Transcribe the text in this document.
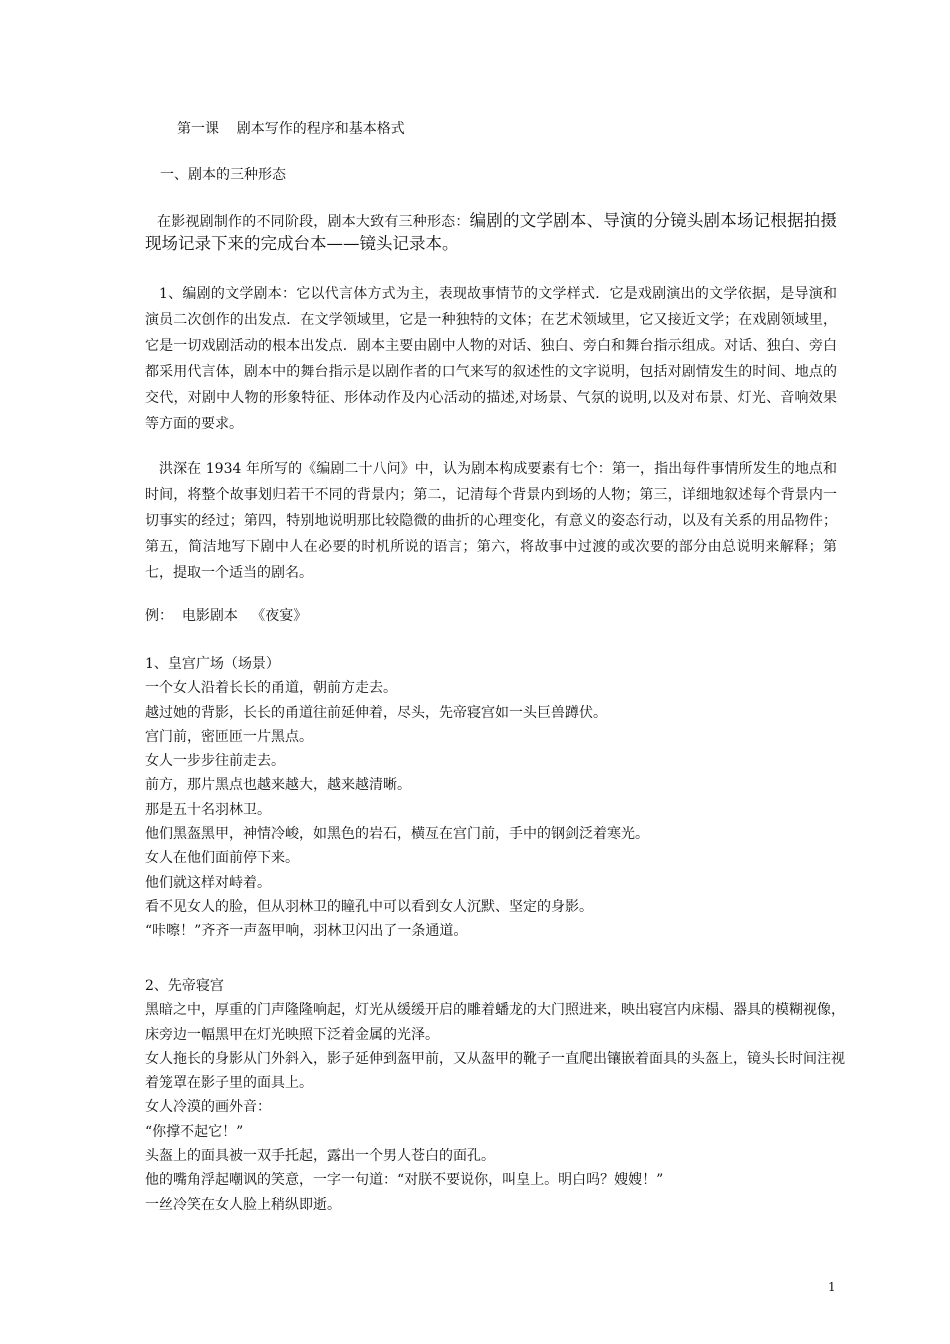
第一课    剧本写作的程序和基本格式
一、剧本的三种形态
在影视剧制作的不同阶段，剧本大致有三种形态：编剧的文学剧本、导演的分镜头剧本场记根据拍摄现场记录下来的完成台本——镜头记录本。
1、编剧的文学剧本：它以代言体方式为主，表现故事情节的文学样式．它是戏剧演出的文学依据，是导演和演员二次创作的出发点．在文学领域里，它是一种独特的文体；在艺术领域里，它又接近文学；在戏剧领域里，它是一切戏剧活动的根本出发点．剧本主要由剧中人物的对话、独白、旁白和舞台指示组成。对话、独白、旁白都采用代言体，剧本中的舞台指示是以剧作者的口气来写的叙述性的文字说明，包括对剧情发生的时间、地点的交代，对剧中人物的形象特征、形体动作及内心活动的描述,对场景、气氛的说明,以及对布景、灯光、音响效果等方面的要求。
洪深在 1934 年所写的《编剧二十八问》中，认为剧本构成要素有七个：第一，指出每件事情所发生的地点和时间，将整个故事划归若干不同的背景内；第二，记清每个背景内到场的人物；第三，详细地叙述每个背景内一切事实的经过；第四，特别地说明那比较隐微的曲折的心理变化，有意义的姿态行动，以及有关系的用品物件；第五，简洁地写下剧中人在必要的时机所说的语言；第六，将故事中过渡的或次要的部分由总说明来解释；第七，提取一个适当的剧名。
例：  电影剧本   《夜宴》
1、皇宫广场（场景）
一个女人沿着长长的甬道，朝前方走去。
越过她的背影，长长的甬道往前延伸着，尽头，先帝寝宫如一头巨兽蹲伏。
宫门前，密匝匝一片黑点。
女人一步步往前走去。
前方，那片黑点也越来越大，越来越清晰。
那是五十名羽林卫。
他们黑盔黑甲，神情冷峻，如黑色的岩石，横亙在宫门前，手中的钢剑泛着寒光。
女人在他们面前停下来。
他们就这样对峙着。
看不见女人的脸，但从羽林卫的瞳孔中可以看到女人沉默、坚定的身影。
“咔嚓！”齐齐一声盔甲响，羽林卫闪出了一条通道。
2、先帝寝宫
黑暗之中，厚重的门声隆隆响起，灯光从缓缓开启的雕着蟠龙的大门照进来，映出寝宫内床榻、器具的模糊视像，床旁边一幅黑甲在灯光映照下泛着金属的光泽。
女人拖长的身影从门外斜入，影子延伸到盔甲前，又从盔甲的靴子一直爬出镶嵌着面具的头盔上，镜头长时间注视着笼罩在影子里的面具上。
女人冷漠的画外音：
“你撑不起它！”
头盔上的面具被一双手托起，露出一个男人苍白的面孔。
他的嘴角浮起嘲讽的笑意，一字一句道：“对朕不要说你，叫皇上。明白吗？嫂嫂！”
一丝冷笑在女人脸上稍纵即逝。
1
